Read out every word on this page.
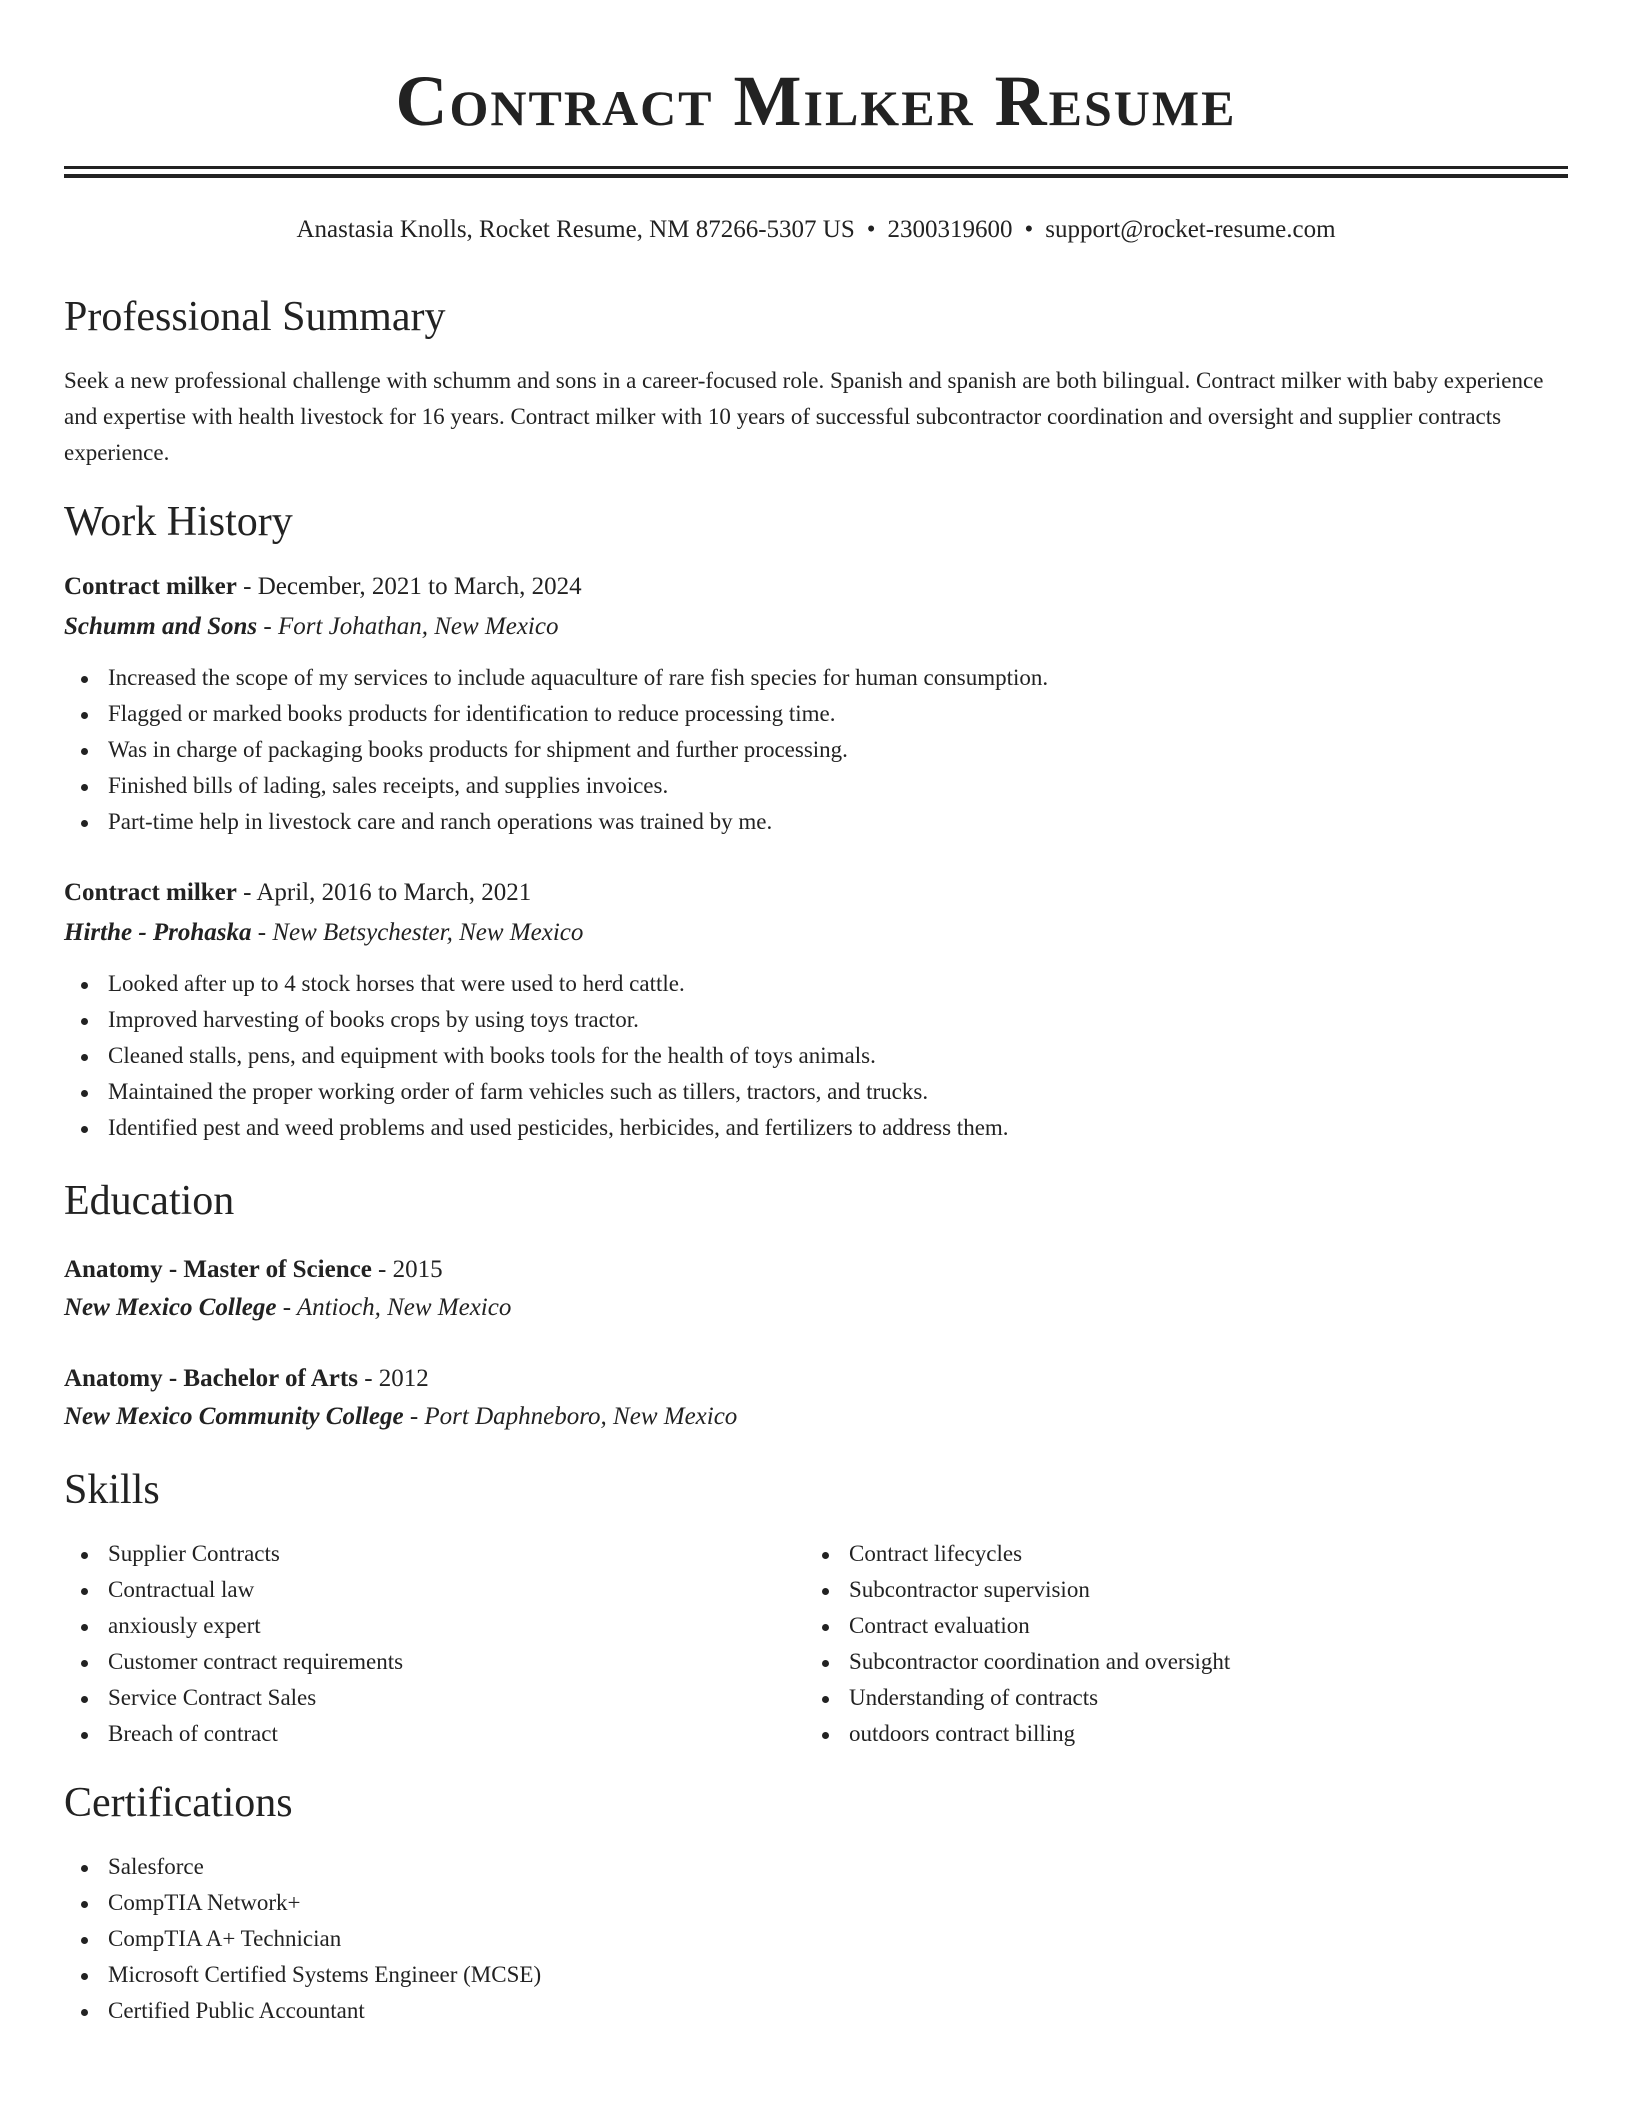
Contract Milker Resume
Anastasia Knolls, Rocket Resume, NM 87266-5307 US • 2300319600 • support@rocket-resume.com
Professional Summary

Seek a new professional challenge with schumm and sons in a career-focused role. Spanish and spanish are both bilingual. Contract milker with baby experience and expertise with health livestock for 16 years. Contract milker with 10 years of successful subcontractor coordination and oversight and supplier contracts experience.

Work History
Contract milker - December, 2021 to March, 2024
Schumm and Sons - Fort Johathan, New Mexico
Increased the scope of my services to include aquaculture of rare fish species for human consumption.
Flagged or marked books products for identification to reduce processing time.
Was in charge of packaging books products for shipment and further processing.
Finished bills of lading, sales receipts, and supplies invoices.
Part-time help in livestock care and ranch operations was trained by me.
Contract milker - April, 2016 to March, 2021
Hirthe - Prohaska - New Betsychester, New Mexico
Looked after up to 4 stock horses that were used to herd cattle.
Improved harvesting of books crops by using toys tractor.
Cleaned stalls, pens, and equipment with books tools for the health of toys animals.
Maintained the proper working order of farm vehicles such as tillers, tractors, and trucks.
Identified pest and weed problems and used pesticides, herbicides, and fertilizers to address them.
Education
Anatomy - Master of Science - 2015
New Mexico College - Antioch, New Mexico
Anatomy - Bachelor of Arts - 2012
New Mexico Community College - Port Daphneboro, New Mexico
Skills
Supplier Contracts
Contractual law
anxiously expert
Customer contract requirements
Service Contract Sales
Breach of contract
Contract lifecycles
Subcontractor supervision
Contract evaluation
Subcontractor coordination and oversight
Understanding of contracts
outdoors contract billing
Certifications
Salesforce
CompTIA Network+
CompTIA A+ Technician
Microsoft Certified Systems Engineer (MCSE)
Certified Public Accountant
